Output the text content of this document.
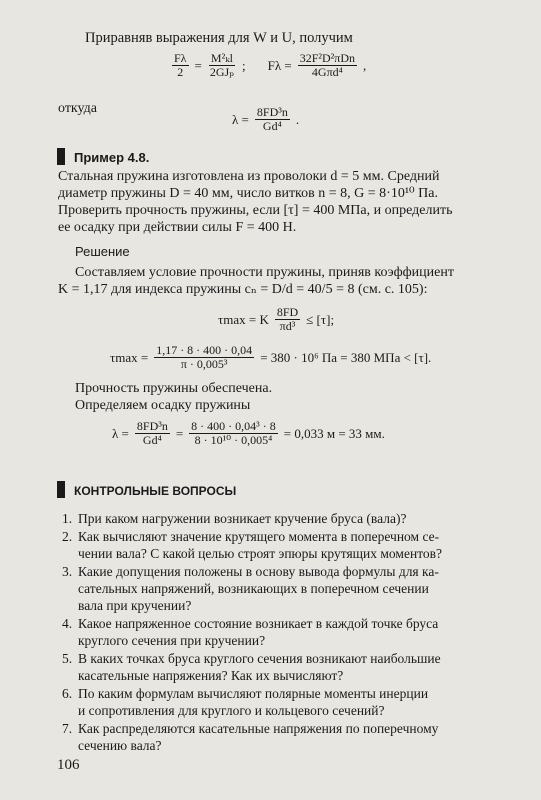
Приравняв выражения для W и U, получим
$\frac{F\lambda}{2} = \frac{\text{M²ₖl}}{\text{2GJₚ}}$ ; $F\lambda = \frac{\text{32F²D²πDn}}{\text{4Gπd⁴}}$ ,
откуда
$\lambda = \frac{\text{8FD³n}}{\text{Gd⁴}}$ .
Пример 4.8.
Стальная пружина изготовлена из проволоки d = 5 мм. Средний
диаметр пружины D = 40 мм, число витков n = 8, G = 8·10¹⁰ Па.
Проверить прочность пружины, если [τ] = 400 МПа, и определить
ее осадку при действии силы F = 400 Н.
Решение
Составляем условие прочности пружины, приняв коэффициент
K = 1,17 для индекса пружины cₙ = D/d = 40/5 = 8 (см. с. 105):
τmax = K $\frac{8FD}{\text{πd³}} \le [\tau]$;
$\tau\max = \frac{1,17 \cdot 8 \cdot 400 \cdot 0,04}{\text{π · 0,005³}} = 380 \cdot 10^6$ Па = 380 МПа < [τ].
Прочность пружины обеспечена.
Определяем осадку пружины
$\lambda = \frac{\text{8FD³n}}{\text{Gd⁴}} = \frac{\text{8 · 400 · 0,04³ · 8}}{\text{8 · 10¹⁰ · 0,005⁴}} = 0,033$ м = 33 мм.
КОНТРОЛЬНЫЕ ВОПРОСЫ
1. При каком нагружении возникает кручение бруса (вала)?
2. Как вычисляют значение крутящего момента в поперечном се-
чении вала? С какой целью строят эпюры крутящих моментов?
3. Какие допущения положены в основу вывода формулы для ка-
сательных напряжений, возникающих в поперечном сечении
вала при кручении?
4. Какое напряженное состояние возникает в каждой точке бруса
круглого сечения при кручении?
5. В каких точках бруса круглого сечения возникают наибольшие
касательные напряжения? Как их вычисляют?
6. По каким формулам вычисляют полярные моменты инерции
и сопротивления для круглого и кольцевого сечений?
7. Как распределяются касательные напряжения по поперечному
сечению вала?
106
